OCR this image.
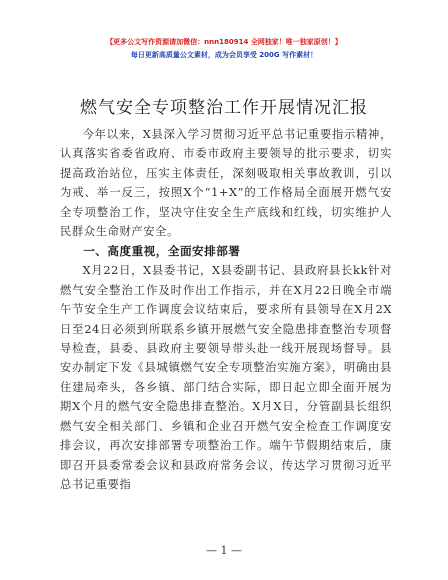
【更多公文写作资源请加微信：nnn180914 全网独家！唯一独家原创！】
每日更新高质量公文素材，成为会员享受 200G 写作素材！
燃气安全专项整治工作开展情况汇报

今年以来，X县深入学习贯彻习近平总书记重要指示精神，认真落实省委省政府、市委市政府主要领导的批示要求，切实提高政治站位，压实主体责任，深刻吸取相关事故教训，引以为戒、举一反三，按照X个“1+X”的工作格局全面展开燃气安全专项整治工作，坚决守住安全生产底线和红线，切实维护人民群众生命财产安全。

一、高度重视，全面安排部署

X月22日，X县委书记，X县委副书记、县政府县长kk针对燃气安全整治工作及时作出工作指示，并在X月22日晚全市端午节安全生产工作调度会议结束后，要求所有县领导在X月2X日至24日必须到所联系乡镇开展燃气安全隐患排查整治专项督导检查，县委、县政府主要领导带头赴一线开展现场督导。县安办制定下发《县城镇燃气安全专项整治实施方案》，明确由县住建局牵头，各乡镇、部门结合实际，即日起立即全面开展为期X个月的燃气安全隐患排查整治。X月X日，分管副县长组织燃气安全相关部门、乡镇和企业召开燃气安全检查工作调度安排会议，再次安排部署专项整治工作。端午节假期结束后，康即召开县委常委会议和县政府常务会议，传达学习贯彻习近平总书记重要指

— 1 —
